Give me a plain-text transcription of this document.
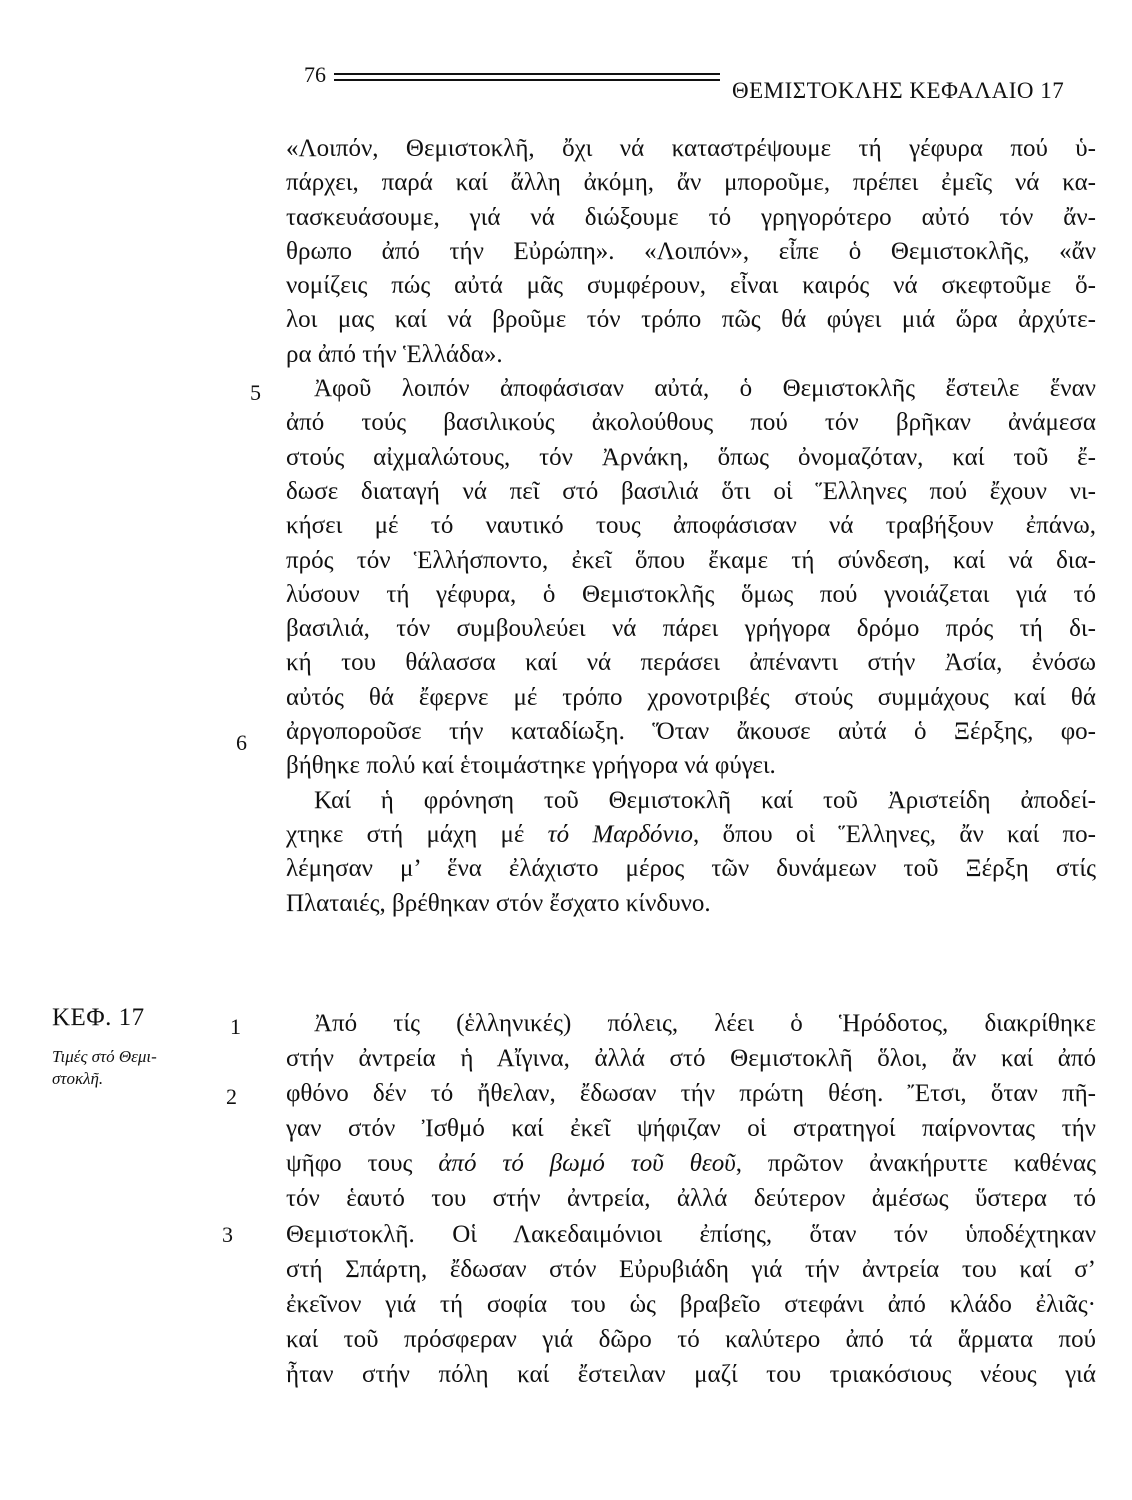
76
ΘΕΜΙΣΤΟΚΛΗΣ ΚΕΦΑΛΑΙΟ 17
5
6
1
2
3
ΚΕΦ. 17
Τιμές στό Θεμι-
στοκλῆ.
«Λοιπόν, Θεμιστοκλῆ, ὄχι νά καταστρέψουμε τή γέφυρα πού ὑ-
πάρχει, παρά καί ἄλλη ἀκόμη, ἄν μποροῦμε, πρέπει ἐμεῖς νά κα-
τασκευάσουμε, γιά νά διώξουμε τό γρηγορότερο αὐτό τόν ἄν-
θρωπο ἀπό τήν Εὐρώπη». «Λοιπόν», εἶπε ὁ Θεμιστοκλῆς, «ἄν
νομίζεις πώς αὐτά μᾶς συμφέρουν, εἶναι καιρός νά σκεφτοῦμε ὅ-
λοι μας καί νά βροῦμε τόν τρόπο πῶς θά φύγει μιά ὥρα ἀρχύτε-
ρα ἀπό τήν Ἑλλάδα».
Ἀφοῦ λοιπόν ἀποφάσισαν αὐτά, ὁ Θεμιστοκλῆς ἔστειλε ἕναν
ἀπό τούς βασιλικούς ἀκολούθους πού τόν βρῆκαν ἀνάμεσα
στούς αἰχμαλώτους, τόν Ἀρνάκη, ὅπως ὀνομαζόταν, καί τοῦ ἔ-
δωσε διαταγή νά πεῖ στό βασιλιά ὅτι οἱ Ἕλληνες πού ἔχουν νι-
κήσει μέ τό ναυτικό τους ἀποφάσισαν νά τραβήξουν ἐπάνω,
πρός τόν Ἑλλήσποντο, ἐκεῖ ὅπου ἔκαμε τή σύνδεση, καί νά δια-
λύσουν τή γέφυρα, ὁ Θεμιστοκλῆς ὅμως πού γνοιάζεται γιά τό
βασιλιά, τόν συμβουλεύει νά πάρει γρήγορα δρόμο πρός τή δι-
κή του θάλασσα καί νά περάσει ἀπέναντι στήν Ἀσία, ἐνόσω
αὐτός θά ἔφερνε μέ τρόπο χρονοτριβές στούς συμμάχους καί θά
ἀργοποροῦσε τήν καταδίωξη. Ὅταν ἄκουσε αὐτά ὁ Ξέρξης, φο-
βήθηκε πολύ καί ἑτοιμάστηκε γρήγορα νά φύγει.
Καί ἡ φρόνηση τοῦ Θεμιστοκλῆ καί τοῦ Ἀριστείδη ἀποδεί-
χτηκε στή μάχη μέ τό Μαρδόνιο, ὅπου οἱ Ἕλληνες, ἄν καί πο-
λέμησαν μ’ ἕνα ἐλάχιστο μέρος τῶν δυνάμεων τοῦ Ξέρξη στίς
Πλαταιές, βρέθηκαν στόν ἔσχατο κίνδυνο.
Ἀπό τίς (ἑλληνικές) πόλεις, λέει ὁ Ἡρόδοτος, διακρίθηκε
στήν ἀντρεία ἡ Αἴγινα, ἀλλά στό Θεμιστοκλῆ ὅλοι, ἄν καί ἀπό
φθόνο δέν τό ἤθελαν, ἔδωσαν τήν πρώτη θέση. Ἔτσι, ὅταν πῆ-
γαν στόν Ἰσθμό καί ἐκεῖ ψήφιζαν οἱ στρατηγοί παίρνοντας τήν
ψῆφο τους ἀπό τό βωμό τοῦ θεοῦ, πρῶτον ἀνακήρυττε καθένας
τόν ἑαυτό του στήν ἀντρεία, ἀλλά δεύτερον ἀμέσως ὕστερα τό
Θεμιστοκλῆ. Οἱ Λακεδαιμόνιοι ἐπίσης, ὅταν τόν ὑποδέχτηκαν
στή Σπάρτη, ἔδωσαν στόν Εὐρυβιάδη γιά τήν ἀντρεία του καί σ’
ἐκεῖνον γιά τή σοφία του ὡς βραβεῖο στεφάνι ἀπό κλάδο ἐλιᾶς·
καί τοῦ πρόσφεραν γιά δῶρο τό καλύτερο ἀπό τά ἅρματα πού
ἦταν στήν πόλη καί ἔστειλαν μαζί του τριακόσιους νέους γιά
